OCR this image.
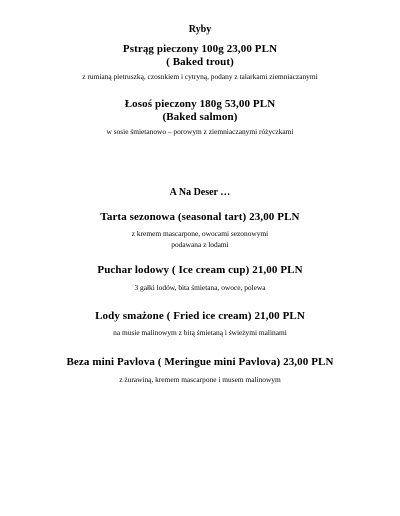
Ryby
Pstrąg pieczony 100g 23,00 PLN
( Baked trout)
z rumianą pietruszką, czosnkiem i cytryną, podany z talarkami ziemniaczanymi
Łosoś pieczony 180g 53,00 PLN
(Baked salmon)
w sosie śmietanowo – porowym z ziemniaczanymi różyczkami
A Na Deser …
Tarta sezonowa (seasonal tart) 23,00 PLN
z kremem mascarpone, owocami sezonowymi
podawana z lodami
Puchar lodowy ( Ice cream cup) 21,00 PLN
3 gałki lodów, bita śmietana, owoce, polewa
Lody smażone ( Fried ice cream) 21,00 PLN
na musie malinowym z bitą śmietaną i świeżymi malinami
Beza mini Pavlova ( Meringue mini Pavlova) 23,00 PLN
z żurawiną, kremem mascarpone i musem malinowym
